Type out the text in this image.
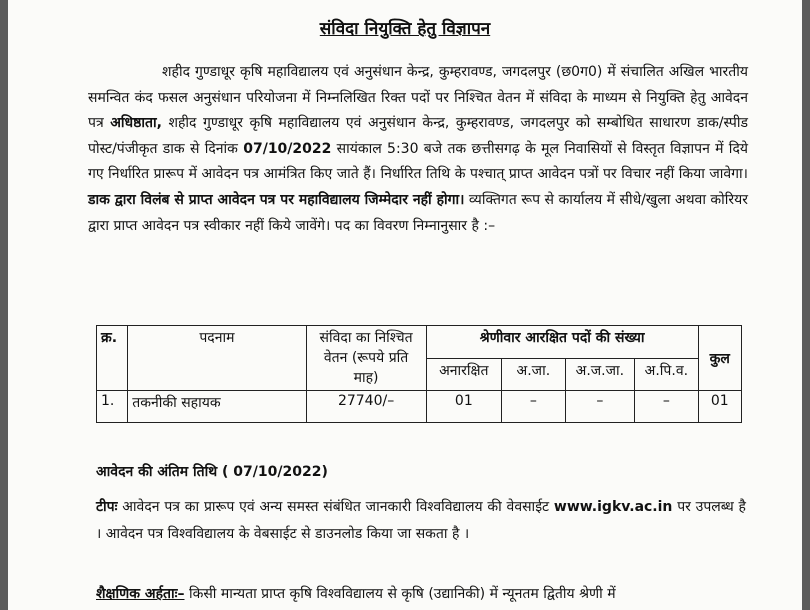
संविदा नियुक्ति हेतु विज्ञापन
शहीद गुण्डाधूर कृषि महाविद्यालय एवं अनुसंधान केन्द्र, कुम्हरावण्ड, जगदलपुर (छ0ग0) में संचालित अखिल भारतीय समन्वित कंद फसल अनुसंधान परियोजना में निम्नलिखित रिक्त पदों पर निश्चित वेतन में संविदा के माध्यम से नियुक्ति हेतु आवेदन पत्र अधिष्ठाता, शहीद गुण्डाधूर कृषि महाविद्यालय एवं अनुसंधान केन्द्र, कुम्हरावण्ड, जगदलपुर को सम्बोधित साधारण डाक/स्पीड पोस्ट/पंजीकृत डाक से दिनांक 07/10/2022 सायंकाल 5:30 बजे तक छत्तीसगढ़ के मूल निवासियों से विस्तृत विज्ञापन में दिये गए निर्धारित प्रारूप में आवेदन पत्र आमंत्रित किए जाते हैं। निर्धारित तिथि के पश्चात् प्राप्त आवेदन पत्रों पर विचार नहीं किया जावेगा। डाक द्वारा विलंब से प्राप्त आवेदन पत्र पर महाविद्यालय जिम्मेदार नहीं होगा। व्यक्तिगत रूप से कार्यालय में सीधे/खुला अथवा कोरियर द्वारा प्राप्त आवेदन पत्र स्वीकार नहीं किये जावेंगे। पद का विवरण निम्नानुसार है :–
क्र.	पदनाम	संविदा का निश्चित वेतन (रूपये प्रति माह)	श्रेणीवार आरक्षित पदों की संख्या				कुल
			अनारक्षित	अ.जा.	अ.ज.जा.	अ.पि.व.	
1.	तकनीकी सहायक	27740/–	01	–	–	–	01
आवेदन की अंतिम तिथि ( 07/10/2022)
टीपः आवेदन पत्र का प्रारूप एवं अन्य समस्त संबंधित जानकारी विश्वविद्यालय की वेवसाईट www.igkv.ac.in पर उपलब्ध है । आवेदन पत्र विश्वविद्यालय के वेबसाईट से डाउनलोड किया जा सकता है ।
शैक्षणिक अर्हताः– किसी मान्यता प्राप्त कृषि विश्वविद्यालय से कृषि (उद्यानिकी) में न्यूनतम द्वितीय श्रेणी में
